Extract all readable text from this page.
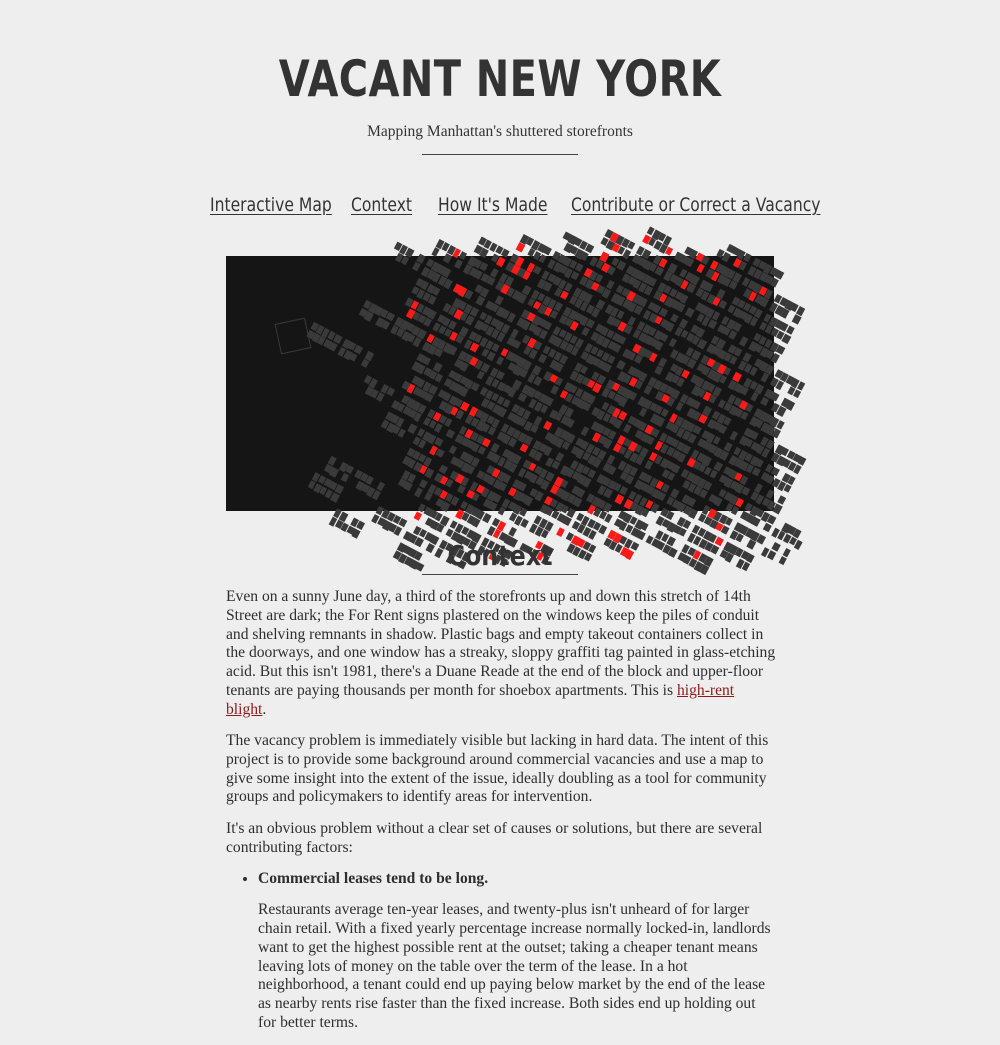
VACANT NEW YORK

Mapping Manhattan's shuttered storefronts

Interactive Map Context How It's Made Contribute or Correct a Vacancy
Context

Even on a sunny June day, a third of the storefronts up and down this stretch of 14th Street are dark; the For Rent signs plastered on the windows keep the piles of conduit and shelving remnants in shadow. Plastic bags and empty takeout containers collect in the doorways, and one window has a streaky, sloppy graffiti tag painted in glass-etching acid. But this isn't 1981, there's a Duane Reade at the end of the block and upper-floor tenants are paying thousands per month for shoebox apartments. This is high-rent blight.

The vacancy problem is immediately visible but lacking in hard data. The intent of this project is to provide some background around commercial vacancies and use a map to give some insight into the extent of the issue, ideally doubling as a tool for community groups and policymakers to identify areas for intervention.

It's an obvious problem without a clear set of causes or solutions, but there are several contributing factors:

• Commercial leases tend to be long.

Restaurants average ten-year leases, and twenty-plus isn't unheard of for larger chain retail. With a fixed yearly percentage increase normally locked-in, landlords want to get the highest possible rent at the outset; taking a cheaper tenant means leaving lots of money on the table over the term of the lease. In a hot neighborhood, a tenant could end up paying below market by the end of the lease as nearby rents rise faster than the fixed increase. Both sides end up holding out for better terms.
